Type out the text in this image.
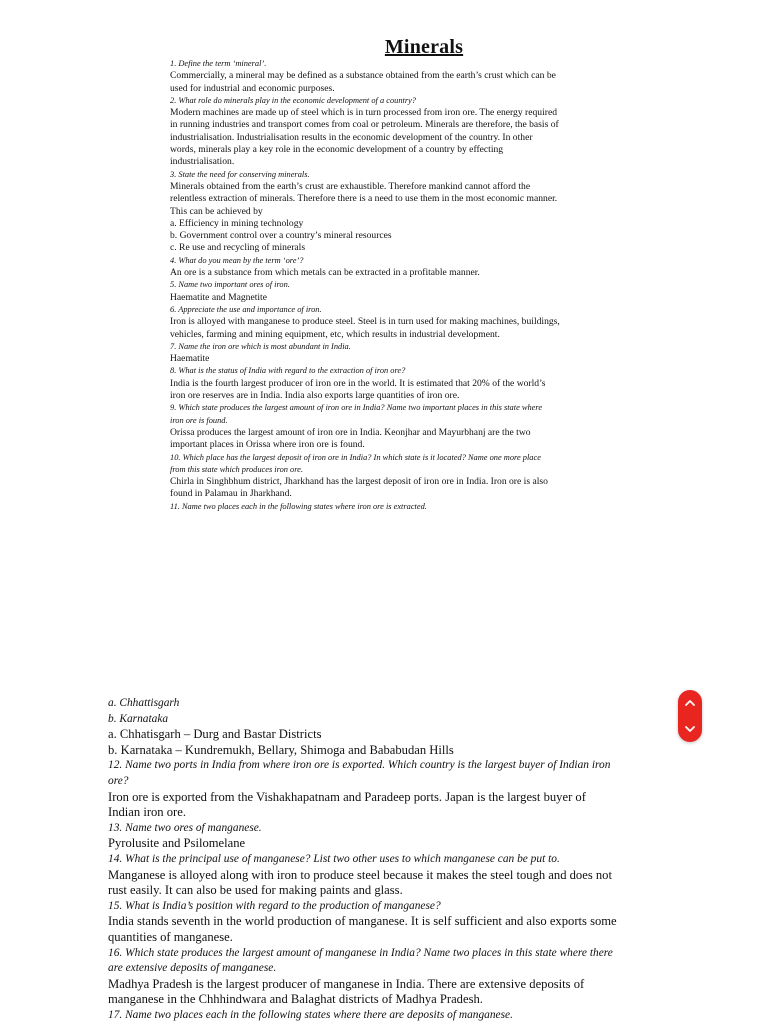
Minerals

1. Define the term ‘mineral’.

Commercially, a mineral may be defined as a substance obtained from the earth’s crust which can be

used for industrial and economic purposes.

2. What role do minerals play in the economic development of a country?

Modern machines are made up of steel which is in turn processed from iron ore. The energy required

in running industries and transport comes from coal or petroleum. Minerals are therefore, the basis of

industrialisation. Industrialisation results in the economic development of the country. In other

words, minerals play a key role in the economic development of a country by effecting

industrialisation.

3. State the need for conserving minerals.

Minerals obtained from the earth’s crust are exhaustible. Therefore mankind cannot afford the

relentless extraction of minerals. Therefore there is a need to use them in the most economic manner.

This can be achieved by

a. Efficiency in mining technology

b. Government control over a country’s mineral resources

c. Re use and recycling of minerals

4. What do you mean by the term ‘ore’?

An ore is a substance from which metals can be extracted in a profitable manner.

5. Name two important ores of iron.

Haematite and Magnetite

6. Appreciate the use and importance of iron.

Iron is alloyed with manganese to produce steel. Steel is in turn used for making machines, buildings,

vehicles, farming and mining equipment, etc, which results in industrial development.

7. Name the iron ore which is most abundant in India.

Haematite

8. What is the status of India with regard to the extraction of iron ore?

India is the fourth largest producer of iron ore in the world. It is estimated that 20% of the world’s

iron ore reserves are in India. India also exports large quantities of iron ore.

9. Which state produces the largest amount of iron ore in India? Name two important places in this state where

iron ore is found.

Orissa produces the largest amount of iron ore in India. Keonjhar and Mayurbhanj are the two

important places in Orissa where iron ore is found.

10. Which place has the largest deposit of iron ore in India? In which state is it located? Name one more place

from this state which produces iron ore.

Chirla in Singhbhum district, Jharkhand has the largest deposit of iron ore in India. Iron ore is also

found in Palamau in Jharkhand.

11. Name two places each in the following states where iron ore is extracted.

a. Chhattisgarh

b. Karnataka

a. Chhatisgarh – Durg and Bastar Districts

b. Karnataka – Kundremukh, Bellary, Shimoga and Bababudan Hills

12. Name two ports in India from where iron ore is exported. Which country is the largest buyer of Indian iron

ore?

Iron ore is exported from the Vishakhapatnam and Paradeep ports. Japan is the largest buyer of

Indian iron ore.

13. Name two ores of manganese.

Pyrolusite and Psilomelane

14. What is the principal use of manganese? List two other uses to which manganese can be put to.

Manganese is alloyed along with iron to produce steel because it makes the steel tough and does not

rust easily. It can also be used for making paints and glass.

15. What is India’s position with regard to the production of manganese?

India stands seventh in the world production of manganese. It is self sufficient and also exports some

quantities of manganese.

16. Which state produces the largest amount of manganese in India? Name two places in this state where there

are extensive deposits of manganese.

Madhya Pradesh is the largest producer of manganese in India. There are extensive deposits of

manganese in the Chhhindwara and Balaghat districts of Madhya Pradesh.

17. Name two places each in the following states where there are deposits of manganese.
